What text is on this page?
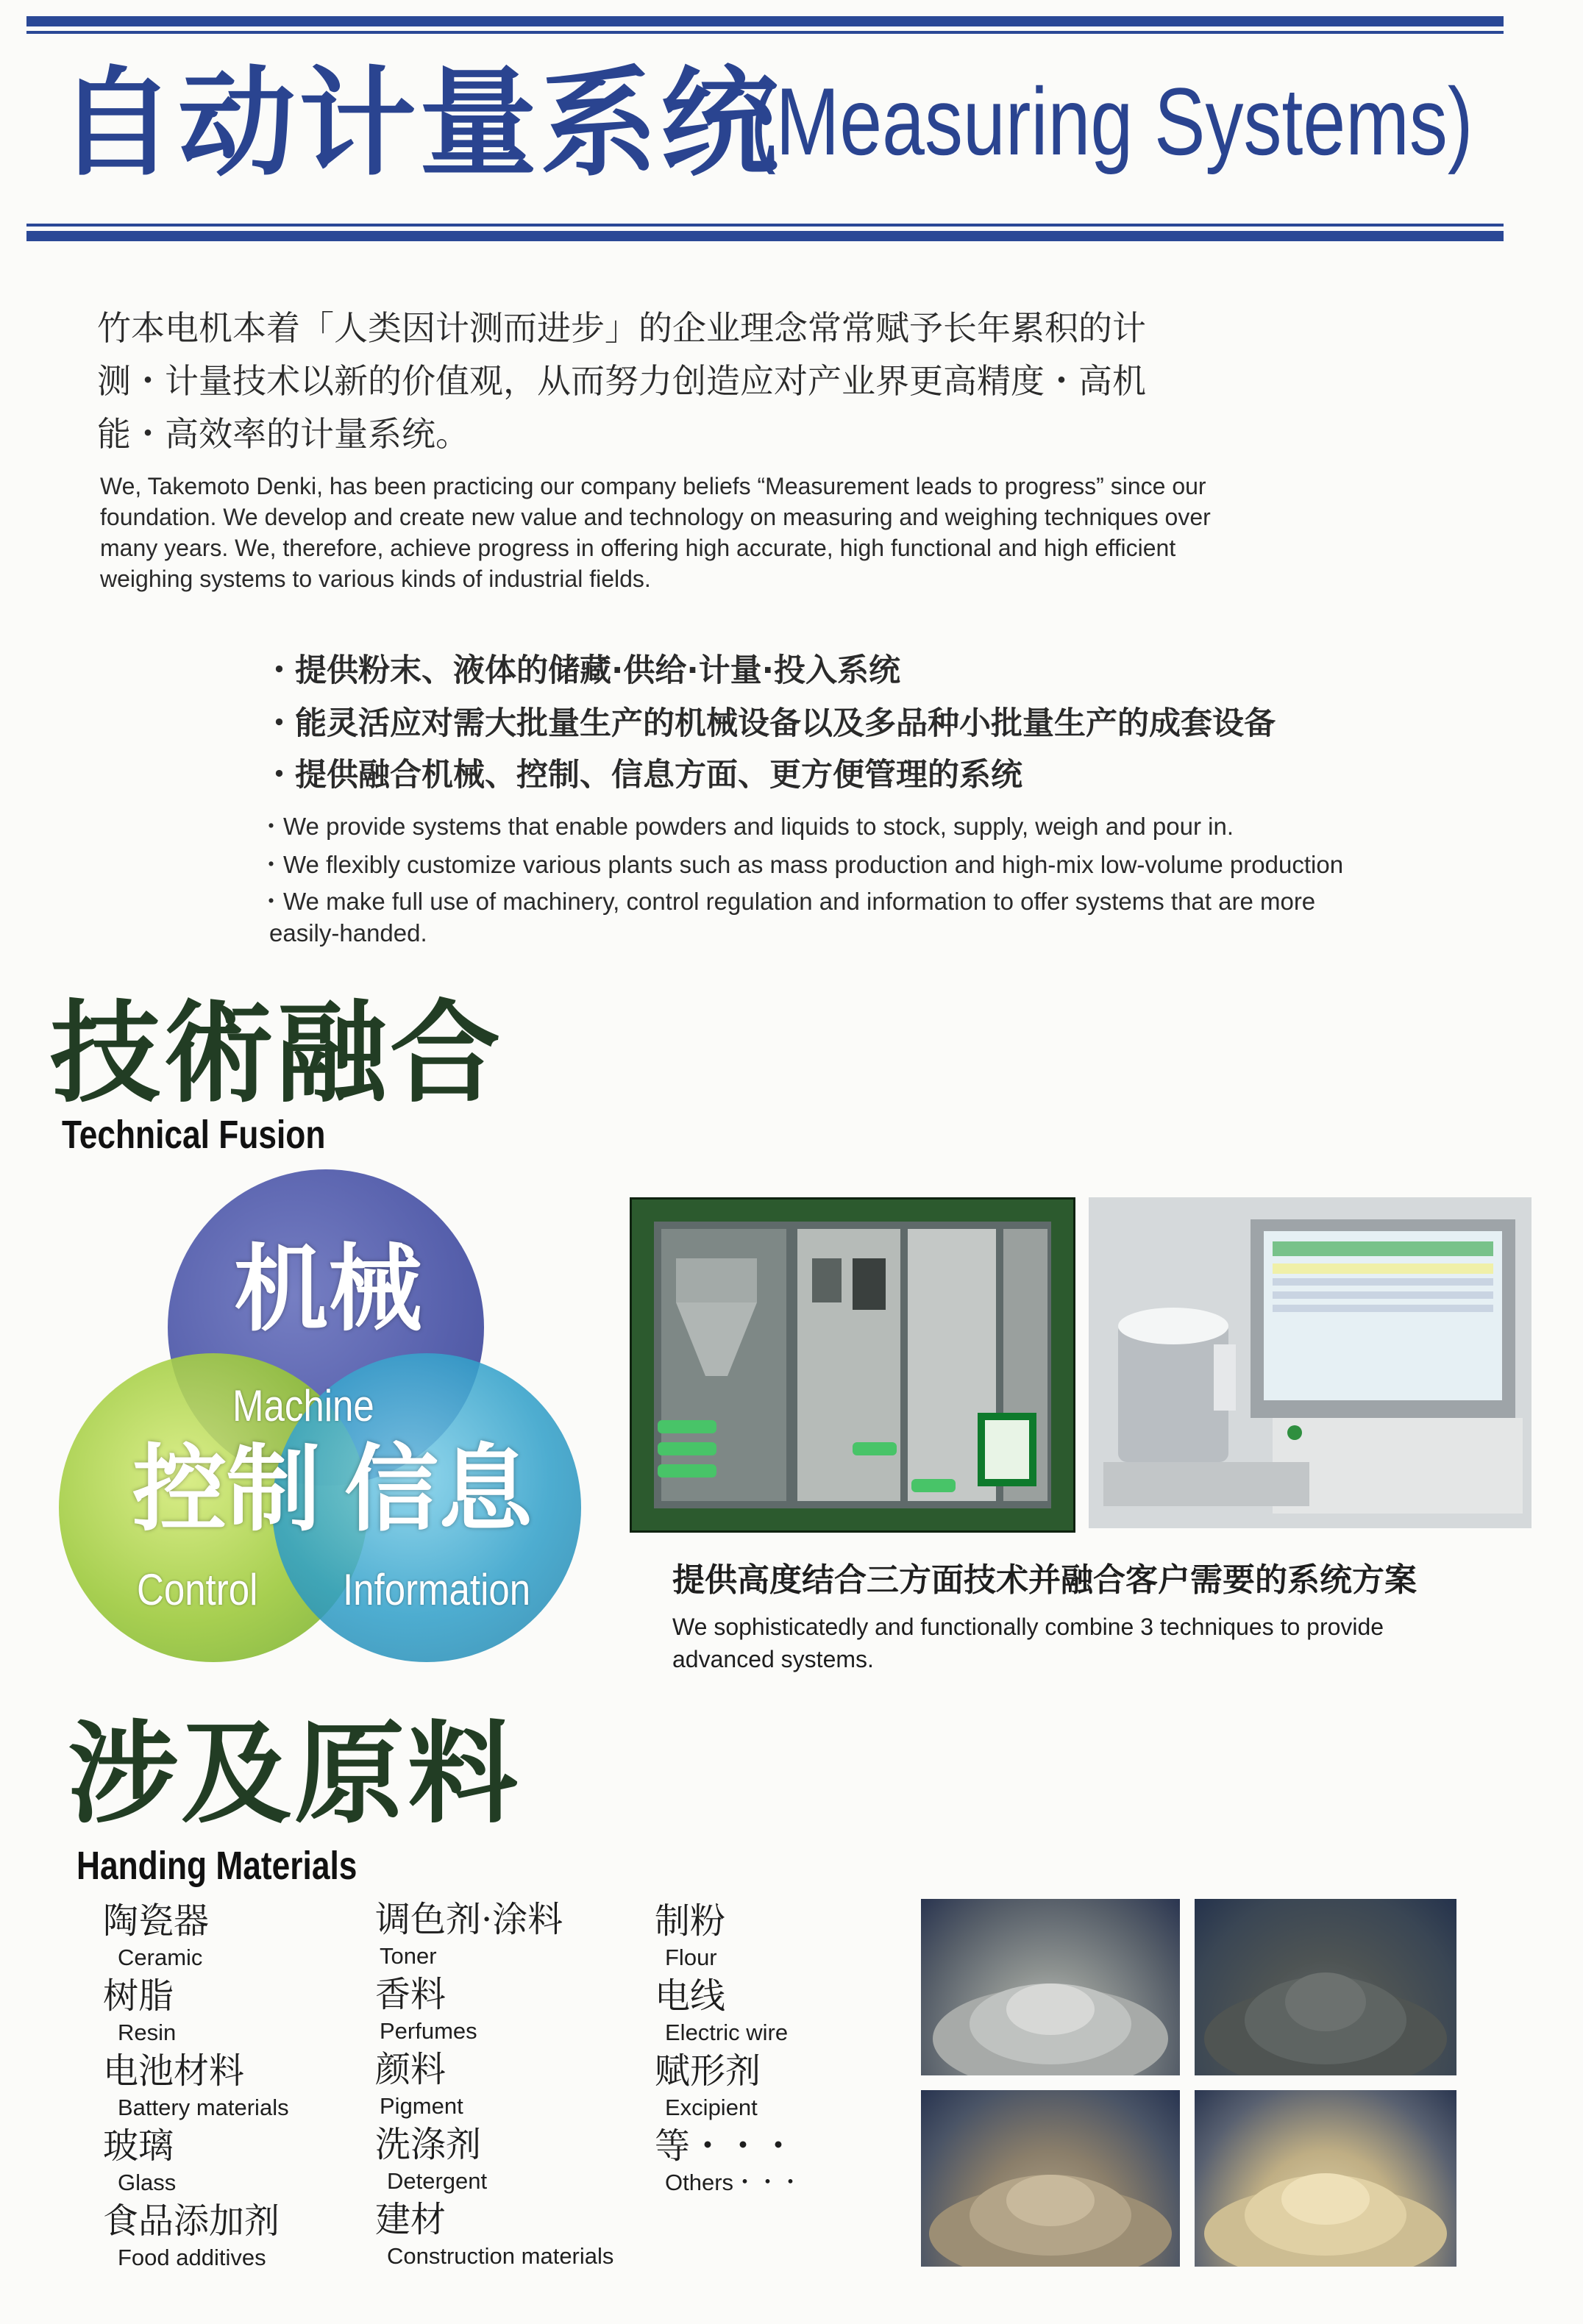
自动计量系统
(Measuring Systems)
竹本电机本着「人类因计测而进步」的企业理念常常赋予长年累积的计
测・计量技术以新的价值观，从而努力创造应对产业界更高精度・高机
能・高效率的计量系统。
We, Takemoto Denki, has been practicing our company beliefs “Measurement leads to progress” since our
foundation. We develop and create new value and technology on measuring and weighing techniques over
many years. We, therefore, achieve progress in offering high accurate, high functional and high efficient
weighing systems to various kinds of industrial fields.
・提供粉末、液体的储藏·供给·计量·投入系统
・能灵活应对需大批量生产的机械设备以及多品种小批量生产的成套设备
・提供融合机械、控制、信息方面、更方便管理的系统
・We provide systems that enable powders and liquids to stock, supply, weigh and pour in.
・We flexibly customize various plants such as mass production and high-mix low-volume production
・We make full use of machinery, control regulation and information to offer systems that are more
easily-handed.
技術融合
Technical Fusion
机械
Machine
控制
Control
信息
Information	提供高度结合三方面技术并融合客户需要的系统方案
We sophisticatedly and functionally combine 3 techniques to provide
advanced systems.
涉及原料
Handing Materials
陶瓷器
Ceramic
树脂
Resin
电池材料
Battery materials
玻璃
Glass
食品添加剂
Food additives
调色剂·涂料
Toner
香料
Perfumes
颜料
Pigment
洗涤剂
Detergent
建材
Construction materials
制粉
Flour
电线
Electric wire
赋形剂
Excipient
等・・・
Others・・・
